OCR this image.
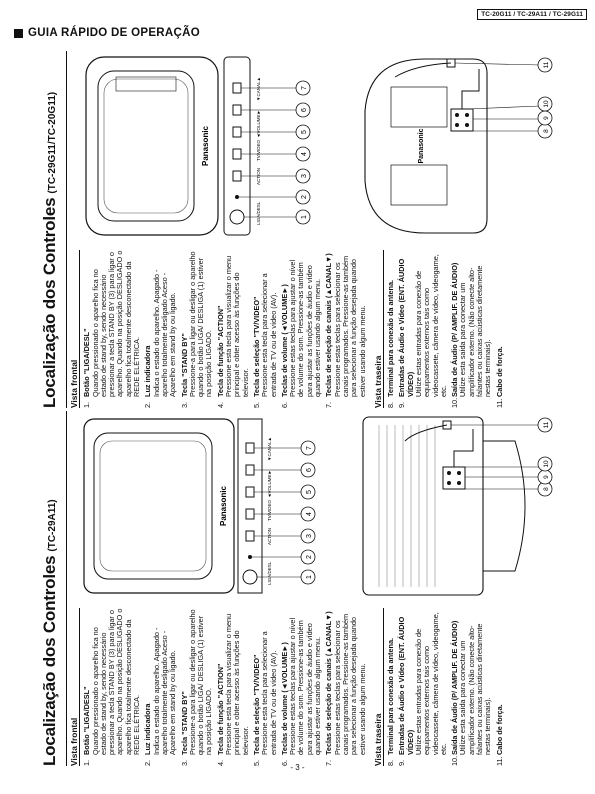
TC-20G11 / TC-29A11 / TC-29G11
GUIA RÁPIDO DE OPERAÇÃO
Localização dos Controles(TC-29A11)
Vista frontal 1.
Botão "LIGA/DESL" Quando pressionado o aparelho fica no estado de stand by, sendo necessário pressionar a tecla STAND BY (3) para ligar o aparelho. Quando na posição DESLIGADO o aparelho fica totalmente desconectado da REDE ELÉTRICA.
2.
Luz indicadora Indica o estado do aparelho. Apagado - aparelho totalmente desligado Aceso - Aparelho em stand by ou ligado.
3.
Tecla "STAND BY" Pressione-a para ligar ou desligar o aparelho quando o botão LIGA/ DESLIGA (1) estiver na posição LIGADO.
4.
Tecla de função "ACTION" Pressione esta tecla para visualizar o menu principal e obter acesso às funções do televisor.
5.
Tecla de seleção "TV/VIDEO" Pressione esta tecla para selecionar a entrada de TV ou de vídeo (AV).
6.
Teclas de volume (◄VOLUME►) Pressione estas teclas para ajustar o nível de volume do som. Pressione-as também para ajustar as funções de áudio e vídeo quando estiver usando algum menu.
7.
Teclas de seleção de canais (▲CANAL▼) Pressione estas teclas para selecionar os canais programados. Pressione-as também para selecionar a função desejada quando estiver usando algum menu. Vista traseira 8.
Terminal para conexão da antena.
9.
Entradas de Áudio e Vídeo (ENT. ÁUDIO VÍDEO) Utilize estas entradas para conexão de equipamentos externos tais como videocassete, câmera de vídeo, videogame, etc.
10.
Saída de Áudio (P/ AMPLIF. DE ÁUDIO) Utilize esta saída para conectar um amplificador externo. (Não conecte alto-falantes ou caixas acústicas diretamente nestas terminais).
11.
Cabo de força.
Panasonic
LIGA/DESL
ACTION
TV/VIDEO
◄VOLUME►
▼CANAL▲
1
2
3
4
5
6
7
8
9
10
11
Localização dos Controles(TC-29G11/TC-20G11)
Vista frontal 1.
Botão "LIGA/DESL" Quando pressionado o aparelho fica no estado de stand by, sendo necessário pressionar a tecla STAND BY (3) para ligar o aparelho. Quando na posição DESLIGADO o aparelho fica totalmente desconectado da REDE ELÉTRICA.
2.
Luz indicadora Indica o estado do aparelho. Apagado - aparelho totalmente desligado Aceso - Aparelho em stand by ou ligado.
3.
Tecla "STAND BY" Pressione-a para ligar ou desligar o aparelho quando o botão LIGA/ DESLIGA (1) estiver na posição LIGADO.
4.
Tecla de função "ACTION" Pressione esta tecla para visualizar o menu principal e obter acesso às funções do televisor.
5.
Tecla de seleção "TV/VIDEO" Pressione esta tecla para selecionar a entrada de TV ou de vídeo (AV).
6.
Teclas de volume (◄VOLUME►) Pressione estas teclas para ajustar o nível de volume do som. Pressione-as também para ajustar as funções de áudio e vídeo quando estiver usando algum menu.
7.
Teclas de seleção de canais (▲CANAL▼) Pressione estas teclas para selecionar os canais programados. Pressione-as também para selecionar a função desejada quando estiver usando algum menu. Vista traseira 8.
Terminal para conexão da antena.
9.
Entradas de Áudio e Vídeo (ENT. ÁUDIO VÍDEO) Utilize estas entradas para conexão de equipamentos externos tais como videocassete, câmera de vídeo, videogame, etc.
10.
Saída de Áudio (P/ AMPLIF. DE ÁUDIO) Utilize esta saída para conectar um amplificador externo. (Não conecte alto-falantes ou caixas acústicas diretamente nestas terminais).
11.
Cabo de força.
Panasonic
LIGA/DESL
ACTION
TV/VIDEO
◄VOLUME►
▼CANAL▲
1
2
3
4
5
6
7
Panasonic	8
9
10
11
- 3 -
